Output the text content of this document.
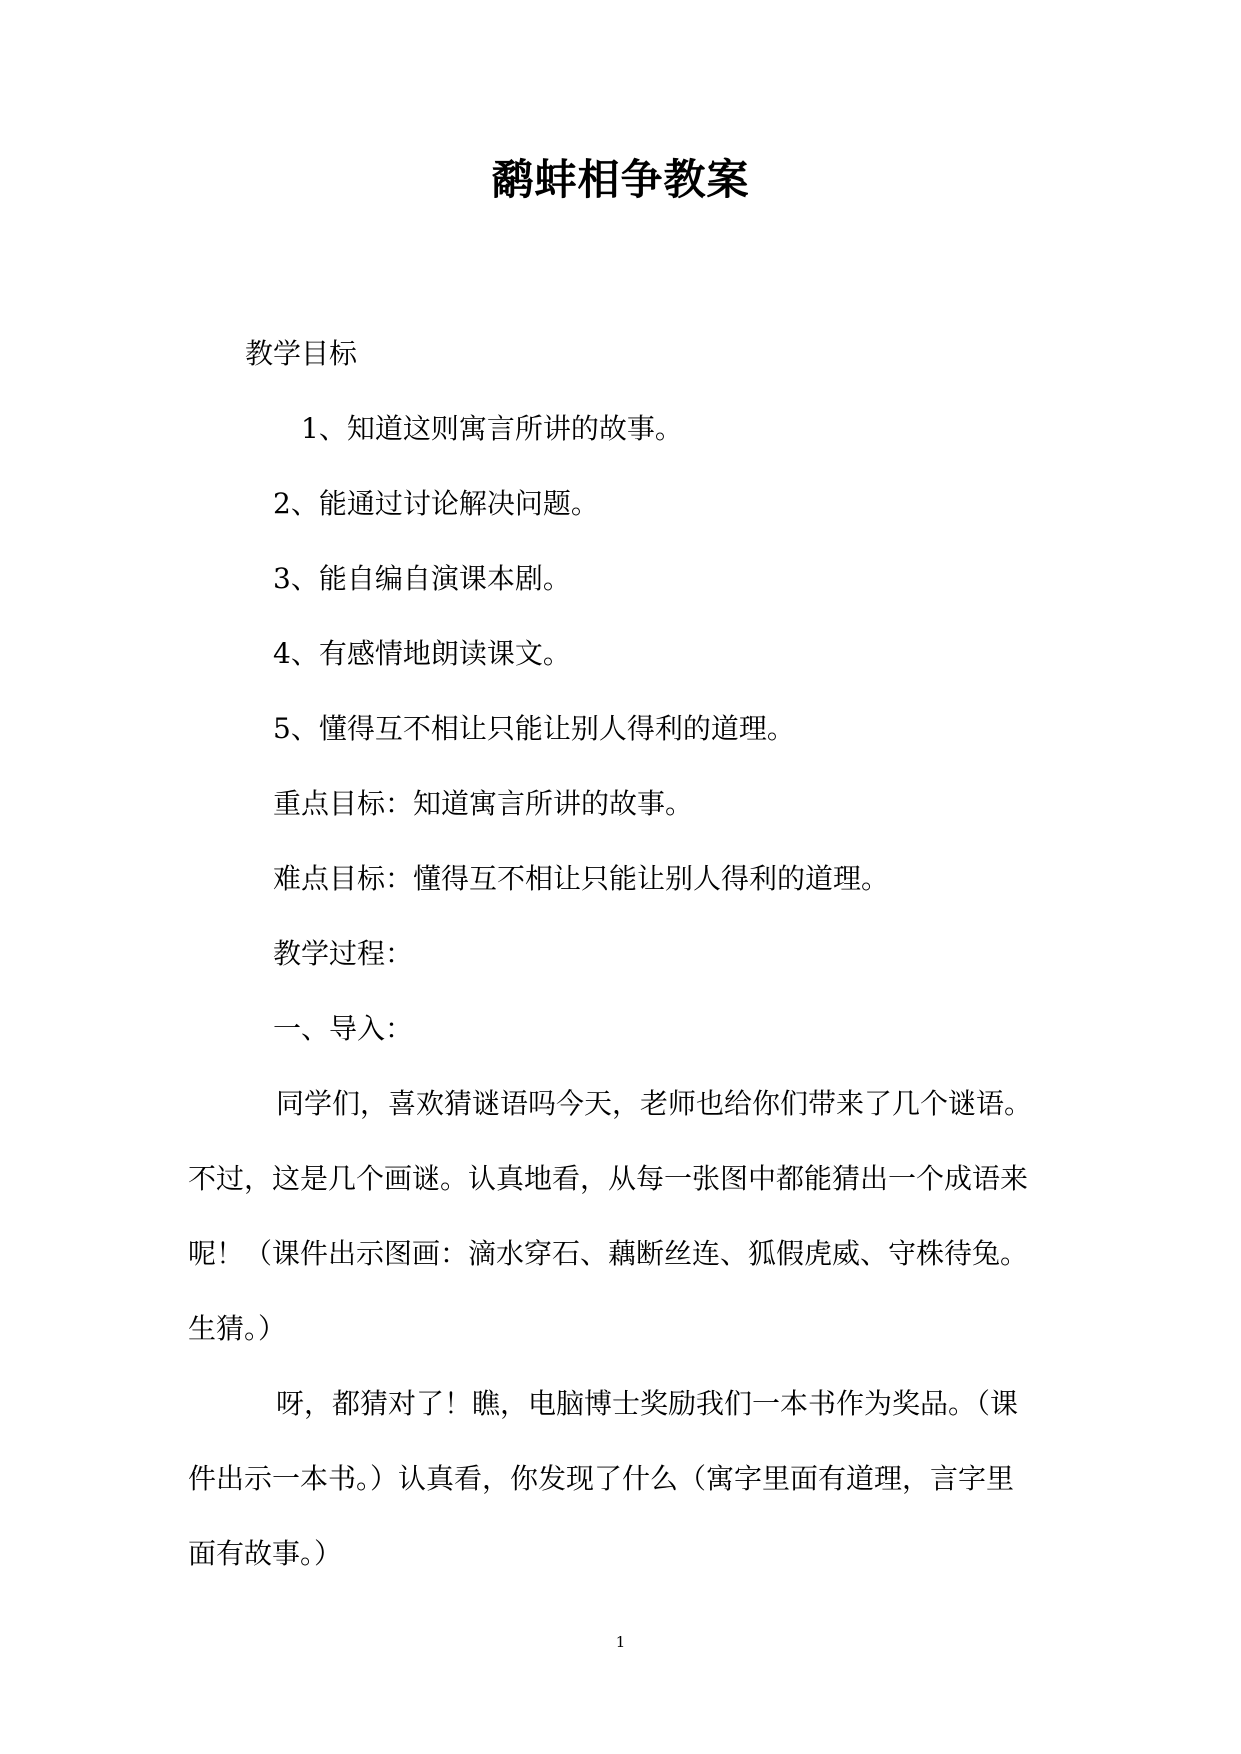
鹬蚌相争教案
教学目标
1、知道这则寓言所讲的故事。
2、能通过讨论解决问题。
3、能自编自演课本剧。
4、有感情地朗读课文。
5、懂得互不相让只能让别人得利的道理。
重点目标：知道寓言所讲的故事。
难点目标：懂得互不相让只能让别人得利的道理。
教学过程：
一、导入：
同学们，喜欢猜谜语吗今天，老师也给你们带来了几个谜语。
不过，这是几个画谜。认真地看，从每一张图中都能猜出一个成语来
呢！（课件出示图画：滴水穿石、藕断丝连、狐假虎威、守株待兔。
生猜。）
呀，都猜对了！瞧，电脑博士奖励我们一本书作为奖品。（课
件出示一本书。）认真看，你发现了什么（寓字里面有道理，言字里
面有故事。）
1
